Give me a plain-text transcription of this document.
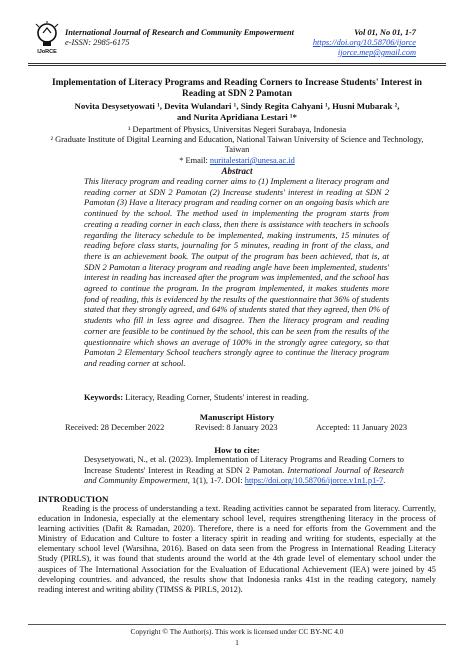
IJoRCE
International Journal of Research and Community Empowerment
e-ISSN: 2985-6175
Vol 01, No 01, 1-7
https://doi.org/10.58706/ijorce
ijorce.mep@gmail.com
Implementation of Literacy Programs and Reading Corners to Increase Students' Interest in Reading at SDN 2 Pamotan
Novita Desysetyowati ¹, Devita Wulandari ¹, Sindy Regita Cahyani ¹, Husni Mubarak ²,
and Nurita Apridiana Lestari ¹*
¹ Department of Physics, Universitas Negeri Surabaya, Indonesia
² Graduate Institute of Digital Learning and Education, National Taiwan University of Science and Technology, Taiwan
* Email: nuritalestari@unesa.ac.id
Abstract
This literacy program and reading corner aims to (1) Implement a literacy program and reading corner at SDN 2 Pamotan (2) Increase students' interest in reading at SDN 2 Pamotan (3) Have a literacy program and reading corner on an ongoing basis which are continued by the school. The method used in implementing the program starts from creating a reading corner in each class, then there is assistance with teachers in schools regarding the literacy schedule to be implemented, making instruments, 15 minutes of reading before class starts, journaling for 5 minutes, reading in front of the class, and there is an achievement book. The output of the program has been achieved, that is, at SDN 2 Pamotan a literacy program and reading angle have been implemented, students' interest in reading has increased after the program was implemented, and the school has agreed to continue the program. In the program implemented, it makes students more fond of reading, this is evidenced by the results of the questionnaire that 36% of students stated that they strongly agreed, and 64% of students stated that they agreed, then 0% of students who fill in less agree and disagree. Then the literacy program and reading corner are feasible to be continued by the school, this can be seen from the results of the questionnaire which shows an average of 100% in the strongly agree category, so that Pamotan 2 Elementary School teachers strongly agree to continue the literacy program and reading corner at school.
Keywords: Literacy, Reading Corner, Students' interest in reading.
Manuscript History
Received: 28 December 2022	Revised: 8 January 2023	Accepted: 11 January 2023
How to cite:
Desysetyowati, N., et al. (2023). Implementation of Literacy Programs and Reading Corners to Increase Students' Interest in Reading at SDN 2 Pamotan. International Journal of Research and Community Empowerment, 1(1), 1-7. DOI: https://doi.org/10.58706/ijorce.v1n1.p1-7.
INTRODUCTION
Reading is the process of understanding a text. Reading activities cannot be separated from literacy. Currently, education in Indonesia, especially at the elementary school level, requires strengthening literacy in the process of learning activities (Dafit & Ramadan, 2020). Therefore, there is a need for efforts from the Government and the Ministry of Education and Culture to foster a literacy spirit in reading and writing for students, especially at the elementary school level (Warsihna, 2016). Based on data seen from the Progress in International Reading Literacy Study (PIRLS), it was found that students around the world at the 4th grade level of elementary school under the auspices of The International Association for the Evaluation of Educational Achievement (IEA) were joined by 45 developing countries. and advanced, the results show that Indonesia ranks 41st in the reading category, namely reading interest and writing ability (TIMSS & PIRLS, 2012).
Copyright © The Author(s). This work is licensed under CC BY-NC 4.0
1
